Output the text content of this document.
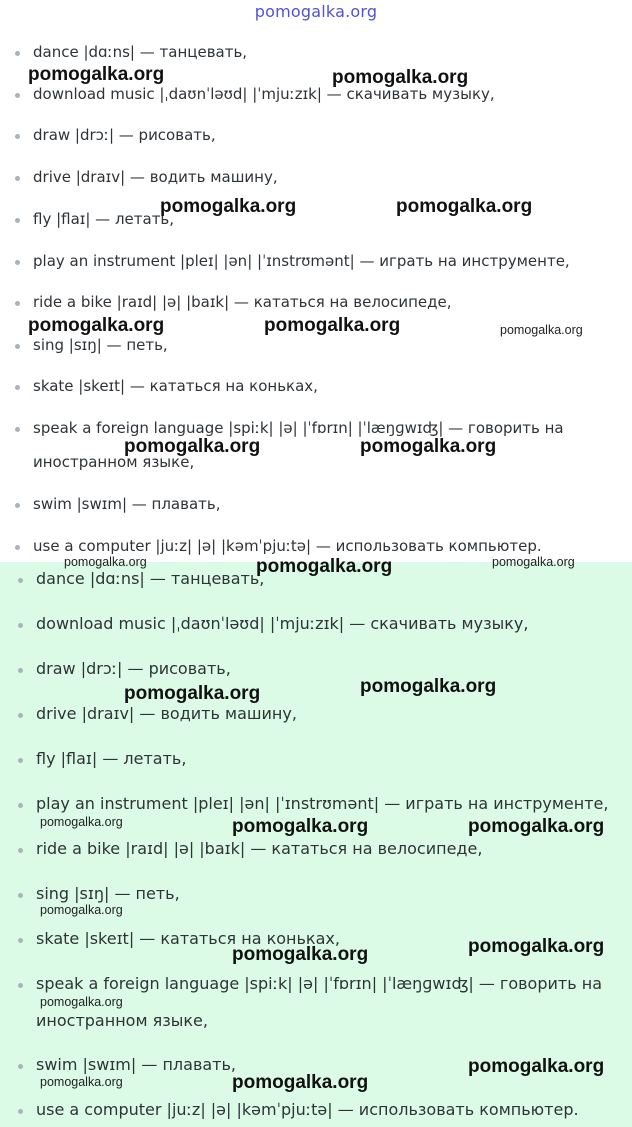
pomogalka.org
dance |dɑːns| — танцевать,
download music |ˌdaʊnˈləʊd| |ˈmjuːzɪk| — скачивать музыку,
draw |drɔː| — рисовать,
drive |draɪv| — водить машину,
fly |flaɪ| — летать,
play an instrument |pleɪ| |ən| |ˈɪnstrʊmənt| — играть на инструменте,
ride a bike |raɪd| |ə| |baɪk| — кататься на велосипеде,
sing |sɪŋ| — петь,
skate |skeɪt| — кататься на коньках,
speak a foreign language |spiːk| |ə| |ˈfɒrɪn| |ˈlæŋɡwɪʤ| — говорить на
иностранном языке,
swim |swɪm| — плавать,
use a computer |juːz| |ə| |kəmˈpjuːtə| — использовать компьютер.
dance |dɑːns| — танцевать,
download music |ˌdaʊnˈləʊd| |ˈmjuːzɪk| — скачивать музыку,
draw |drɔː| — рисовать,
drive |draɪv| — водить машину,
fly |flaɪ| — летать,
play an instrument |pleɪ| |ən| |ˈɪnstrʊmənt| — играть на инструменте,
ride a bike |raɪd| |ə| |baɪk| — кататься на велосипеде,
sing |sɪŋ| — петь,
skate |skeɪt| — кататься на коньках,
speak a foreign language |spiːk| |ə| |ˈfɒrɪn| |ˈlæŋɡwɪʤ| — говорить на
иностранном языке,
swim |swɪm| — плавать,
use a computer |juːz| |ə| |kəmˈpjuːtə| — использовать компьютер.
pomogalka.org	pomogalka.org
pomogalka.org	pomogalka.org
pomogalka.org	pomogalka.org	pomogalka.org
pomogalka.org	pomogalka.org
pomogalka.org	pomogalka.org	pomogalka.org
pomogalka.org	pomogalka.org
pomogalka.org	pomogalka.org	pomogalka.org
pomogalka.org
pomogalka.org
pomogalka.org
pomogalka.org
pomogalka.org
pomogalka.org	pomogalka.org
